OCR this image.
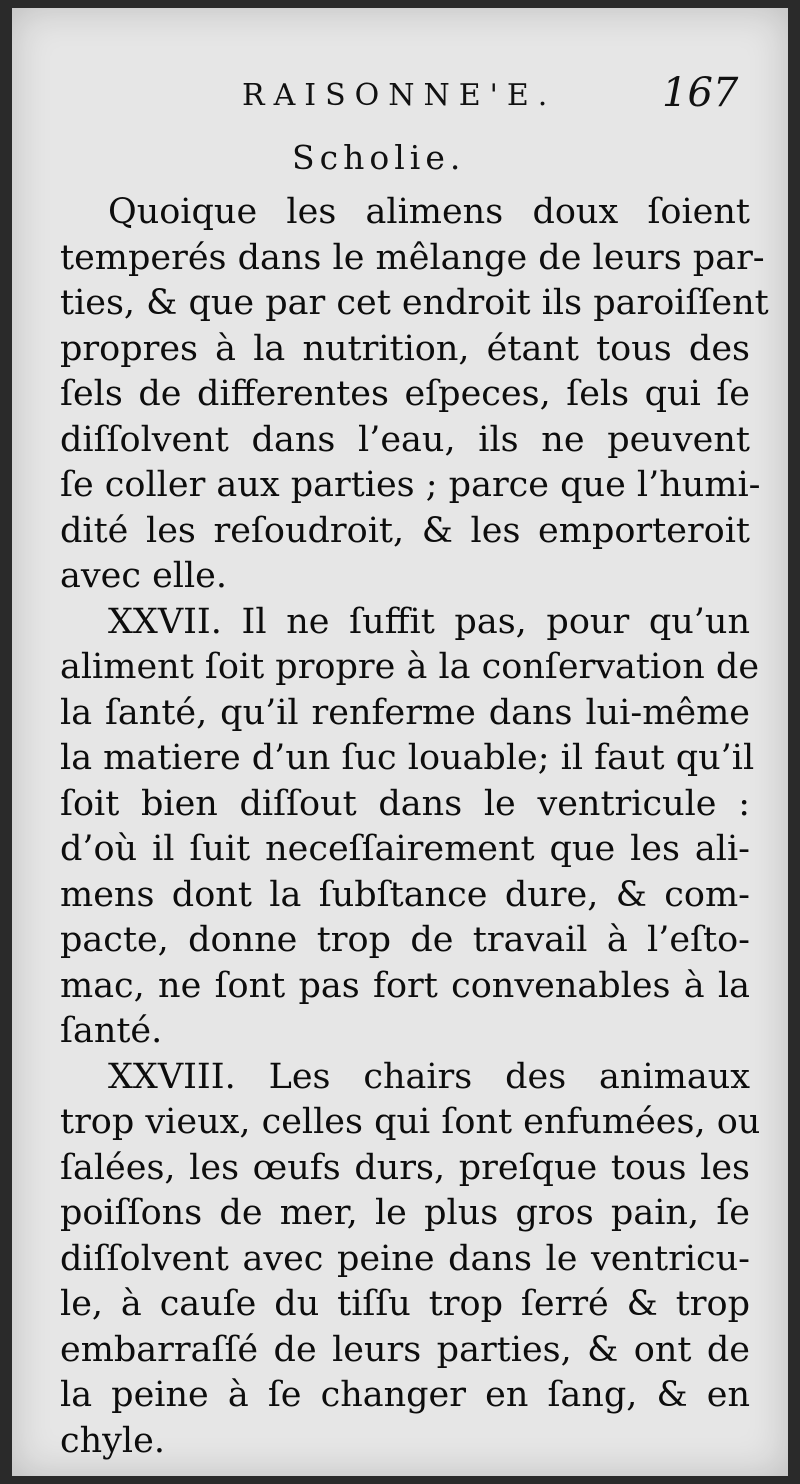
RAISONNE'E.	167
Scholie.
Quoique les alimens doux ſoient
temperés dans le mêlange de leurs par-
ties, & que par cet endroit ils paroiſſent
propres à la nutrition, étant tous des
ſels de differentes eſpeces, ſels qui ſe
diſſolvent dans l’eau, ils ne peuvent
ſe coller aux parties ; parce que l’humi-
dité les reſoudroit, & les emporteroit
avec elle.
XXVII. Il ne ſuffit pas, pour qu’un
aliment ſoit propre à la conſervation de
la ſanté, qu’il renferme dans lui-même
la matiere d’un ſuc louable; il faut qu’il
ſoit bien diſſout dans le ventricule :
d’où il ſuit neceſſairement que les ali-
mens dont la ſubſtance dure, & com-
pacte, donne trop de travail à l’eſto-
mac, ne ſont pas fort convenables à la
ſanté.
XXVIII. Les chairs des animaux
trop vieux, celles qui ſont enfumées, ou
ſalées, les œufs durs, preſque tous les
poiſſons de mer, le plus gros pain, ſe
diſſolvent avec peine dans le ventricu-
le, à cauſe du tiſſu trop ſerré & trop
embarraſſé de leurs parties, & ont de
la peine à ſe changer en ſang, & en
chyle.
